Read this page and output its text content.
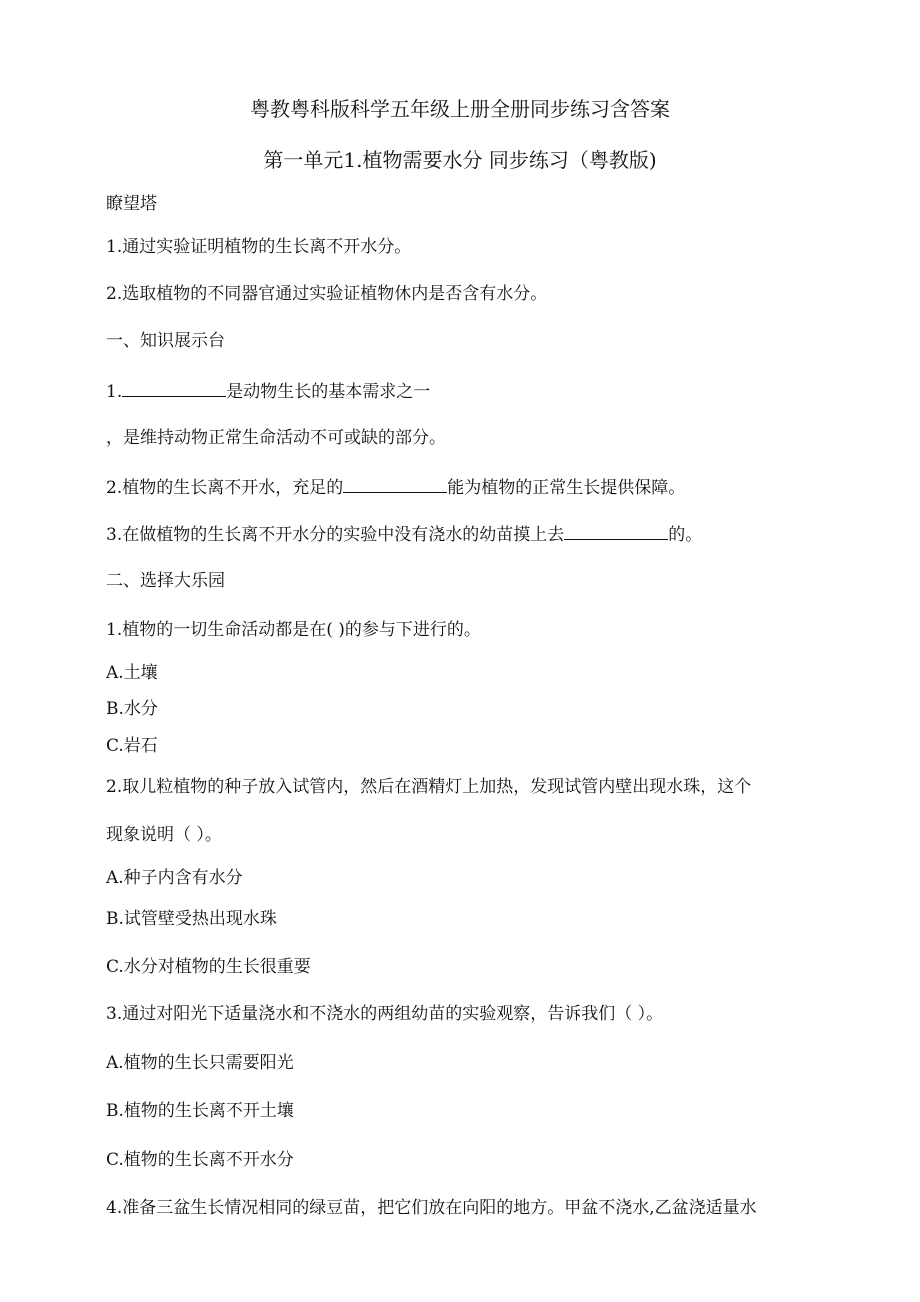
粤教粤科版科学五年级上册全册同步练习含答案
第一单元1.植物需要水分 同步练习（粤教版)
瞭望塔
1.通过实验证明植物的生长离不开水分。
2.选取植物的不同器官通过实验证植物休内是否含有水分。
一、知识展示台
1.	是动物生长的基本需求之一
，是维持动物正常生命活动不可或缺的部分。
2.植物的生长离不开水，充足的	能为植物的正常生长提供保障。
3.在做植物的生长离不开水分的实验中没有浇水的幼苗摸上去	的。
二、选择大乐园
1.植物的一切生命活动都是在( )的参与下进行的。
A.土壤
B.水分
C.岩石
2.取儿粒植物的种子放入试管内，然后在酒精灯上加热，发现试管内壁出现水珠，这个
现象说明（ ）。
A.种子内含有水分
B.试管壁受热出现水珠
C.水分对植物的生长很重要
3.通过对阳光下适量浇水和不浇水的两组幼苗的实验观察，告诉我们（ ）。
A.植物的生长只需要阳光
B.植物的生长离不开土壤
C.植物的生长离不开水分
4.准备三盆生长情况相同的绿豆苗，把它们放在向阳的地方。甲盆不浇水,乙盆浇适量水
